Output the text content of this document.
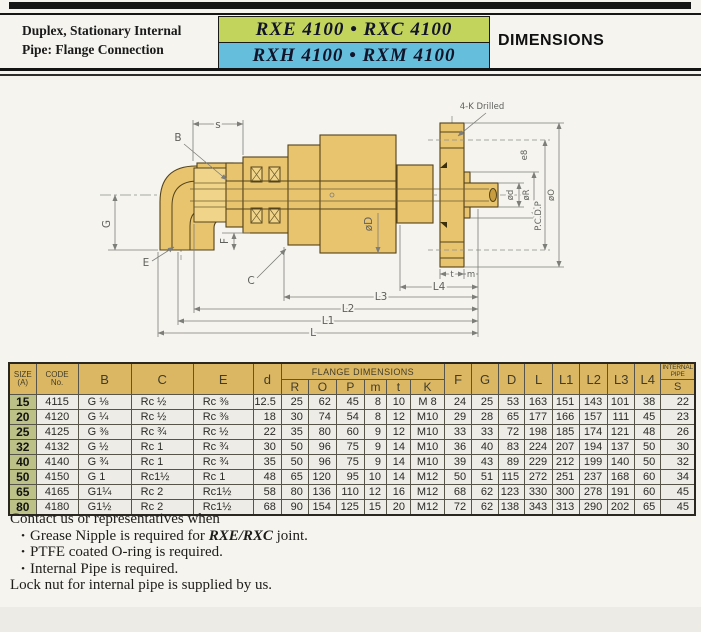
Duplex, Stationary Internal
Pipe: Flange Connection
RXE 4100 • RXC 4100
RXH 4100 • RXM 4100
DIMENSIONS
s
B
4-K Drilled
G
E
F
C
øD
ød
e8
øR
P.C.D.P
øO
t m
L4
L3
L2
L1
L
SIZE
(A)

CODE
No.	B	C	E	d	FLANGE DIMENSIONS	F	G	D	L	L1	L2	L3	L4	
INTERNAL
PIPE

						R	O	P	m	t	K									S
15	4115	G ⅛	Rc ½	Rc ⅜	12.5	25	62	45	8	10	M 8	24	25	53	163	151	143	101	38	22
20	4120	G ¼	Rc ½	Rc ⅜	18	30	74	54	8	12	M10	29	28	65	177	166	157	111	45	23
25	4125	G ⅜	Rc ¾	Rc ½	22	35	80	60	9	12	M10	33	33	72	198	185	174	121	48	26
32	4132	G ½	Rc 1	Rc ¾	30	50	96	75	9	14	M10	36	40	83	224	207	194	137	50	30
40	4140	G ¾	Rc 1	Rc ¾	35	50	96	75	9	14	M10	39	43	89	229	212	199	140	50	32
50	4150	G 1	Rc1½	Rc 1	48	65	120	95	10	14	M12	50	51	115	272	251	237	168	60	34
65	4165	G1¼	Rc 2	Rc1½	58	80	136	110	12	16	M12	68	62	123	330	300	278	191	60	45
80	4180	G1½	Rc 2	Rc1½	68	90	154	125	15	20	M12	72	62	138	343	313	290	202	65	45
Contact us or representatives when
• Grease Nipple is required for RXE/RXC joint.
• PTFE coated O-ring is required.
• Internal Pipe is required.
Lock nut for internal pipe is supplied by us.
